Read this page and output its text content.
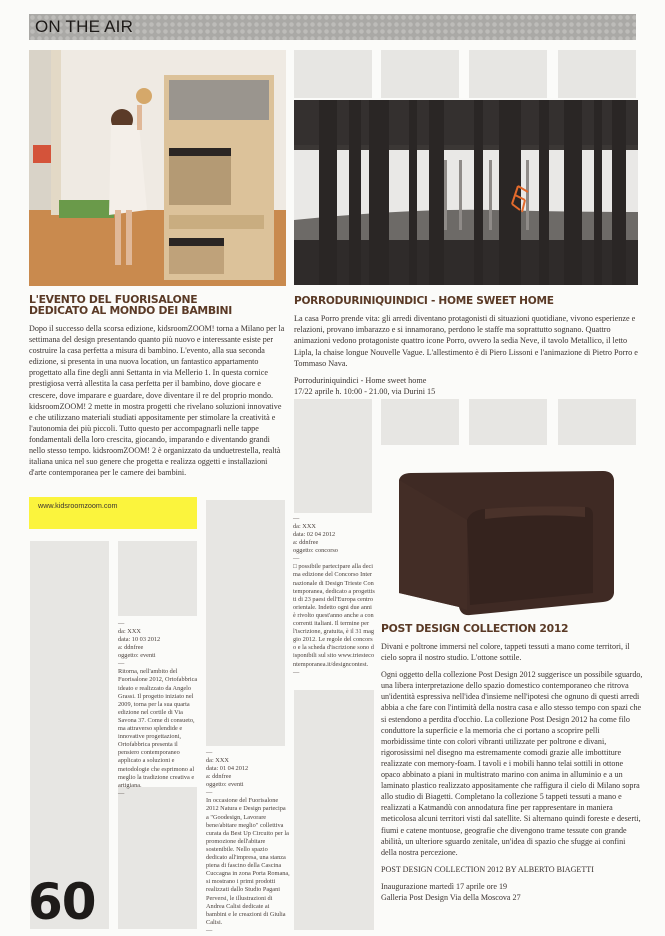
ON THE AIR
L'EVENTO DEL FUORISALONE
DEDICATO AL MONDO DEI BAMBINI

Dopo il successo della scorsa edizione, kidsroomZOOM! torna a Milano per la settimana del design presentando quanto più nuovo e interessante esiste per costruire la casa perfetta a misura di bambino. L'evento, alla sua seconda edizione, si presenta in una nuova location, un fantastico appartamento progettato alla fine degli anni Settanta in via Mellerio 1. In questa cornice prestigiosa verrà allestita la casa perfetta per il bambino, dove giocare e crescere, dove imparare e guardare, dove diventare il re del proprio mondo. kidsroomZOOM! 2 mette in mostra progetti che rivelano soluzioni innovative e che utilizzano materiali studiati appositamente per stimolare la creatività e l'autonomia dei più piccoli. Tutto questo per accompagnarli nelle tappe fondamentali della loro crescita, giocando, imparando e diventando grandi nello stesso tempo. kidsroomZOOM! 2 è organizzato da unduetrestella, realtà italiana unica nel suo genere che progetta e realizza oggetti e installazioni d'arte contemporanea per le camere dei bambini.

www.kidsroomzoom.com
PORRODURINIQUINDICI - HOME SWEET HOME

La casa Porro prende vita: gli arredi diventano protagonisti di situazioni quotidiane, vivono esperienze e relazioni, provano imbarazzo e si innamorano, perdono le staffe ma soprattutto sognano. Quattro animazioni vedono protagoniste quattro icone Porro, ovvero la sedia Neve, il tavolo Metallico, il letto Lipla, la chaise longue Nouvelle Vague. L'allestimento è di Piero Lissoni e l'animazione di Pietro Porro e Tommaso Nava.

Porroduriniquindici - Home sweet home
17/22 aprile h. 10:00 - 21.00, via Durini 15
POST DESIGN COLLECTION 2012

Divani e poltrone immersi nel colore, tappeti tessuti a mano come territori, il cielo sopra il nostro studio. L'ottone sottile.

Ogni oggetto della collezione Post Design 2012 suggerisce un possibile sguardo, una libera interpretazione dello spazio domestico contemporaneo che ritrova un'identità espressiva nell'idea d'insieme nell'ipotesi che ognuno di questi arredi abbia a che fare con l'intimità della nostra casa e allo stesso tempo con spazi che si estendono a perdita d'occhio. La collezione Post Design 2012 ha come filo conduttore la superficie e la memoria che ci portano a scoprire pelli morbidissime tinte con colori vibranti utilizzate per poltrone e divani, rigorosissimi nel disegno ma estremamente comodi grazie alle imbottiture realizzate con memory-foam. I tavoli e i mobili hanno telai sottili in ottone opaco abbinato a piani in multistrato marino con anima in alluminio e a un laminato plastico realizzato appositamente che raffigura il cielo di Milano sopra allo studio di Biagetti. Completano la collezione 5 tappeti tessuti a mano e realizzati a Katmandù con annodatura fine per rappresentare in maniera meticolosa alcuni territori visti dal satellite. Si alternano quindi foreste e deserti, fiumi e catene montuose, geografie che divengono trame tessute con grande abilità, un ulteriore sguardo zenitale, un'idea di spazio che sfugge ai confini della nostra percezione.

POST DESIGN COLLECTION 2012 BY ALBERTO BIAGETTI

Inaugurazione martedì 17 aprile ore 19
Galleria Post Design Via della Moscova 27
—

da: XXX

data: 10 03 2012

a: ddnfree

oggetto: eventi

—

Ritorna, nell'ambito del Fuorisalone 2012, Ortofabbrica ideato e realizzato da Angelo Grassi. Il progetto iniziato nel 2009, torna per la sua quarta edizione nel cortile di Via Savona 37. Come di consueto, ma attraverso splendide e innovative progettazioni, Ortofabbrica presenta il pensiero contemporaneo applicato a soluzioni e metodologie che esprimono al meglio la tradizione creativa e artigiana.

—
—

da: XXX

data: 01 04 2012

a: ddnfree

oggetto: eventi

—

In occasione del Fuorisalone 2012 Natura e Design partecipa a "Goodesign, Lavorare bene/abitare meglio" collettiva curata da Best Up Circuito per la promozione dell'abitare sostenibile. Nello spazio dedicato all'impresa, una stanza piena di fascino della Cascina Cuccagna in zona Porta Romana, si mostrano i primi prodotti realizzati dallo Studio Pagani Perversi, le illustrazioni di Andrea Calisi dedicate ai bambini e le creazioni di Giulia Calisi.

—
—

da: XXX

data: 02 04 2012

a: ddnfree

oggetto: concorso

—

□ possibile partecipare alla decima edizione del Concorso Internazionale di Design Trieste Contemporanea, dedicato a progettisti di 23 paesi dell'Europa centro orientale. Indetto ogni due anni è rivolto quest'anno anche a concorrenti italiani. Il termine per l'iscrizione, gratuita, è il 31 maggio 2012. Le regole del concorso e la scheda d'iscrizione sono disponibili sul sito www.triestecontemporanea.it/designcontest.

—
60
